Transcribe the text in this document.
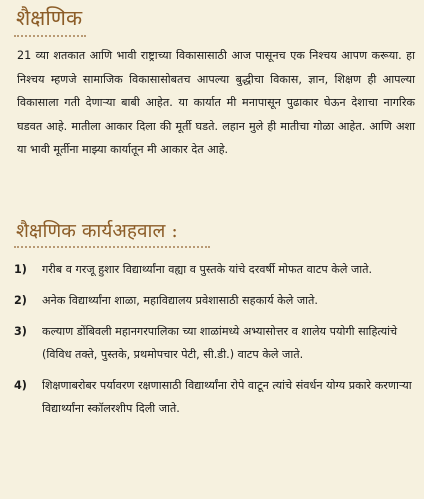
शैक्षणिक
21 व्या शतकात आणि भावी राष्ट्राच्या विकासासाठी आज पासूनच एक निश्चय आपण करूया. हा निश्चय म्हणजे सामाजिक विकासासोबतच आपल्या बुद्धीचा विकास, ज्ञान, शिक्षण ही आपल्या विकासाला गती देणाऱ्या बाबी आहेत. या कार्यात मी मनापासून पुढाकार घेऊन देशाचा नागरिक घडवत आहे. मातीला आकार दिला की मूर्ती घडते. लहान मुले ही मातीचा गोळा आहेत. आणि अशा या भावी मूर्तीना माझ्या कार्यातून मी आकार देत आहे.
शैक्षणिक कार्यअहवाल :
1)	गरीब व गरजू हुशार विद्यार्थ्यांना वह्या व पुस्तके यांचे दरवर्षी मोफत वाटप केले जाते.
2)	अनेक विद्यार्थ्यांना शाळा, महाविद्यालय प्रवेशासाठी सहकार्य केले जाते.
3)	कल्याण डोंबिवली महानगरपालिका च्या शाळांमध्ये अभ्यासोत्तर व शालेय पयोगी साहित्यांचे (विविध तक्ते, पुस्तके, प्रथमोपचार पेटी, सी.डी.) वाटप केले जाते.
4)	शिक्षणाबरोबर पर्यावरण रक्षणासाठी विद्यार्थ्यांना रोपे वाटून त्यांचे संवर्धन योग्य प्रकारे करणाऱ्या विद्यार्थ्यांना स्कॉलरशीप दिली जाते.
